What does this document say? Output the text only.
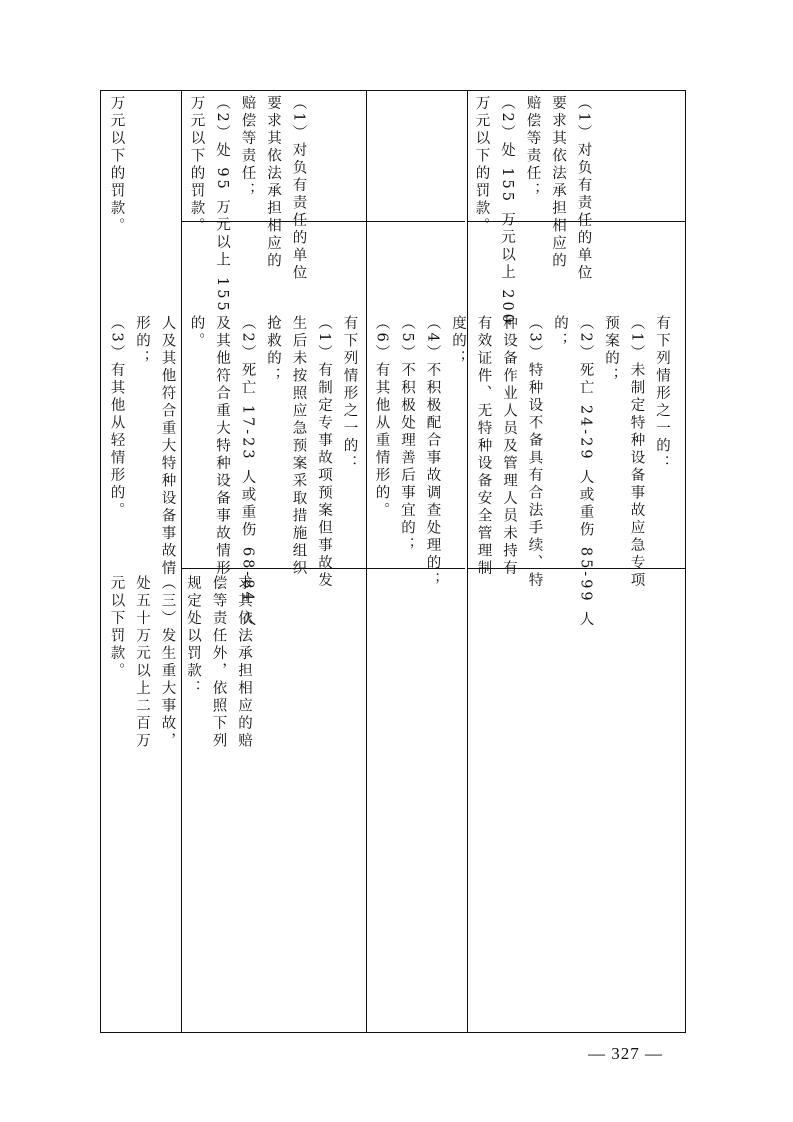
求其依法承担相应的赔
偿等责任外，依照下列
规定处以罚款：
（三）发生重大事故，
处五十万元以上二百万
元以下罚款。
人及其他符合重大特种设备事故情
形的；
（3）有其他从轻情形的。
万元以下的罚款。
有下列情形之一的：
（1）有制定专事故项预案但事故发
生后未按照应急预案采取措施组织
抢救的；
（2）死亡 17-23 人或重伤 68-84 人
及其他符合重大特种设备事故情形
的。
（1）对负有责任的单位
要求其依法承担相应的
赔偿等责任；
（2）处 95 万元以上 155
万元以下的罚款。
有下列情形之一的：
（1）未制定特种设备事故应急专项
预案的；
（2）死亡 24-29 人或重伤 85-99 人
的；
（3）特种设不备具有合法手续、特
种设备作业人员及管理人员未持有
有效证件、无特种设备安全管理制
度的；
（4）不积极配合事故调查处理的；
（5）不积极处理善后事宜的；
（6）有其他从重情形的。
（1）对负有责任的单位
要求其依法承担相应的
赔偿等责任；
（2）处 155 万元以上 200
万元以下的罚款。
— 327 —
